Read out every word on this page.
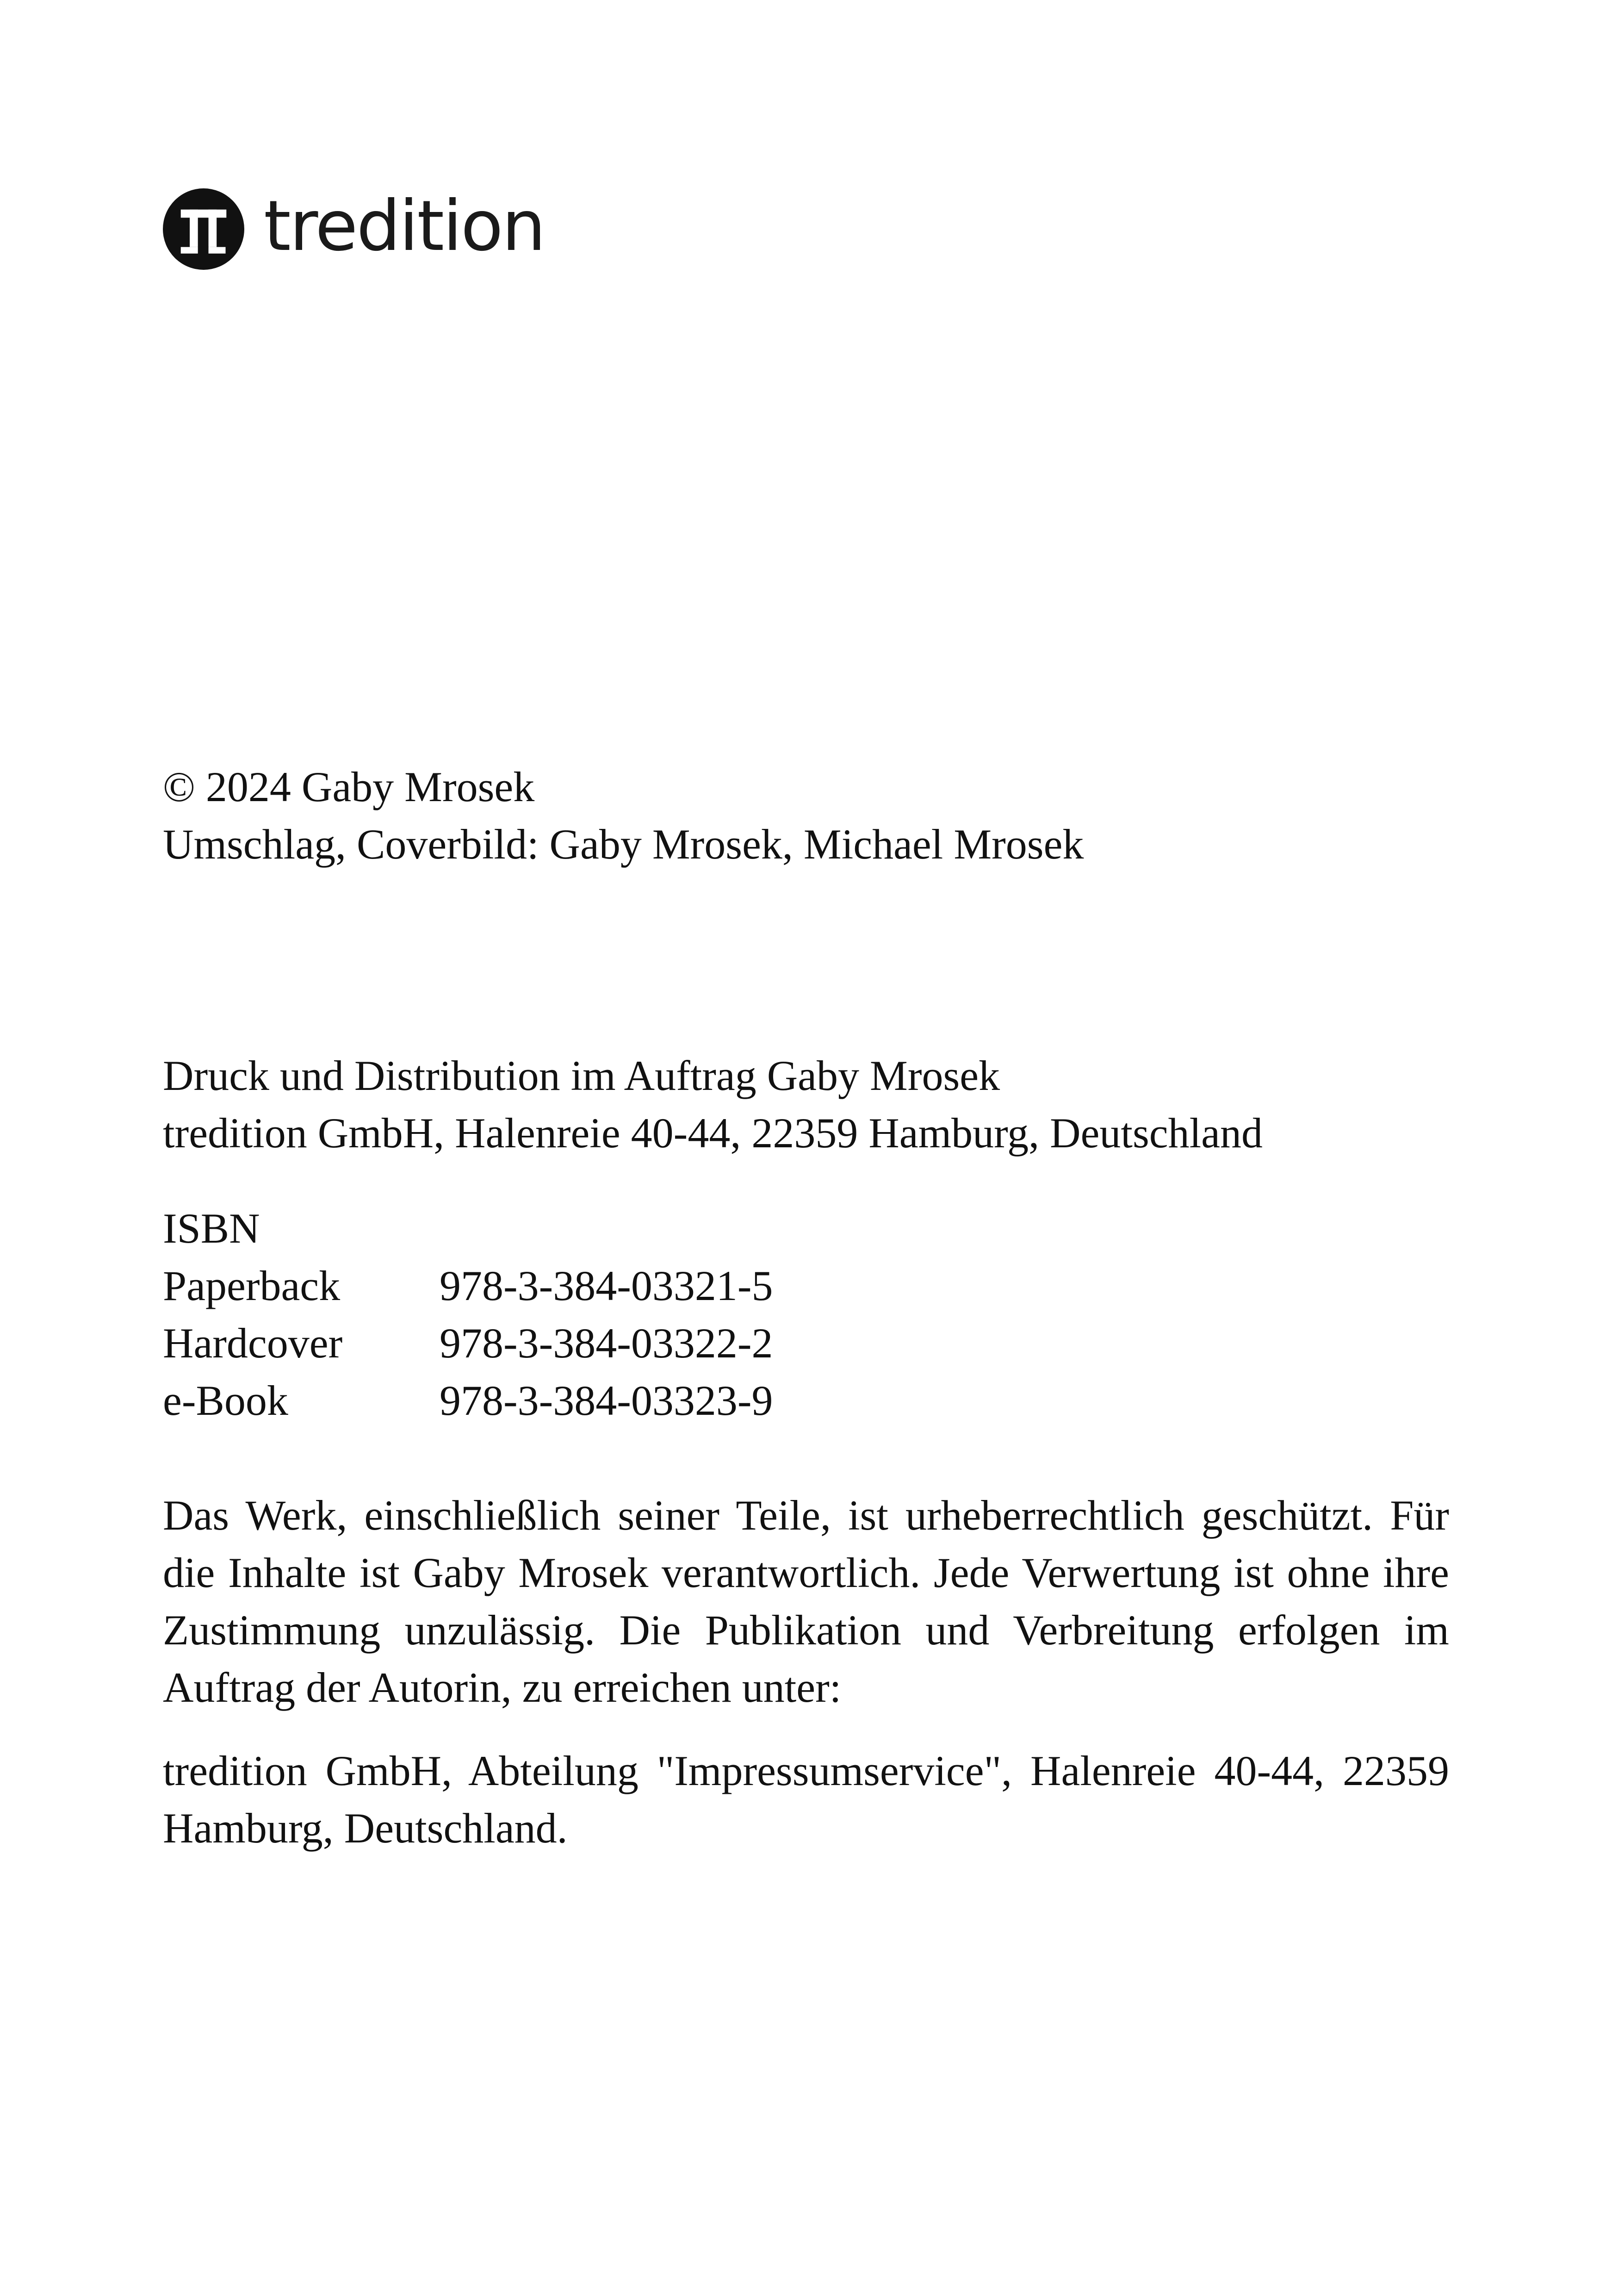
tredition
© 2024 Gaby Mrosek
Umschlag, Coverbild: Gaby Mrosek, Michael Mrosek
Druck und Distribution im Auftrag Gaby Mrosek
tredition GmbH, Halenreie 40-44, 22359 Hamburg, Deutschland
ISBN
Paperback	978-3-384-03321-5
Hardcover	978-3-384-03322-2
e-Book	978-3-384-03323-9

Das Werk, einschließlich seiner Teile, ist urheberrechtlich geschützt. Für die Inhalte ist Gaby Mrosek verantwortlich. Jede Verwertung ist ohne ihre Zustimmung unzulässig. Die Publikation und Verbreitung erfolgen im Auftrag der Autorin, zu erreichen unter:

tredition GmbH, Abteilung "Impressumservice", Halenreie 40-44, 22359 Hamburg, Deutschland.
